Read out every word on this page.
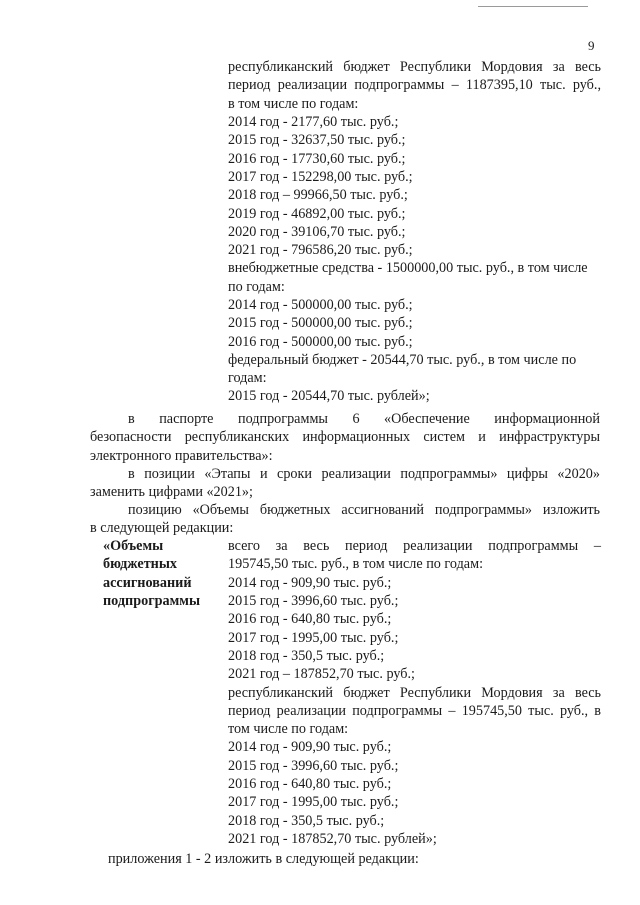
9
республиканский бюджет Республики Мордовия за весь
период реализации подпрограммы – 1187395,10 тыс. руб.,
в том числе по годам:
2014 год - 2177,60 тыс. руб.;
2015 год - 32637,50 тыс. руб.;
2016 год - 17730,60 тыс. руб.;
2017 год - 152298,00 тыс. руб.;
2018 год – 99966,50 тыс. руб.;
2019 год - 46892,00 тыс. руб.;
2020 год - 39106,70 тыс. руб.;
2021 год - 796586,20 тыс. руб.;
внебюджетные средства - 1500000,00 тыс. руб., в том числе
по годам:
2014 год - 500000,00 тыс. руб.;
2015 год - 500000,00 тыс. руб.;
2016 год - 500000,00 тыс. руб.;
федеральный бюджет - 20544,70 тыс. руб., в том числе по
годам:
2015 год - 20544,70 тыс. рублей»;
в паспорте подпрограммы 6 «Обеспечение информационной
безопасности республиканских информационных систем и инфраструктуры
электронного правительства»:
в позиции «Этапы и сроки реализации подпрограммы» цифры «2020»
заменить цифрами «2021»;
позицию «Объемы бюджетных ассигнований подпрограммы» изложить
в следующей редакции:
«Объемы
бюджетных
ассигнований
подпрограммы
всего за весь период реализации подпрограммы –
195745,50 тыс. руб., в том числе по годам:
2014 год - 909,90 тыс. руб.;
2015 год - 3996,60 тыс. руб.;
2016 год - 640,80 тыс. руб.;
2017 год - 1995,00 тыс. руб.;
2018 год - 350,5 тыс. руб.;
2021 год – 187852,70 тыс. руб.;
республиканский бюджет Республики Мордовия за весь
период реализации подпрограммы – 195745,50 тыс. руб., в
том числе по годам:
2014 год - 909,90 тыс. руб.;
2015 год - 3996,60 тыс. руб.;
2016 год - 640,80 тыс. руб.;
2017 год - 1995,00 тыс. руб.;
2018 год - 350,5 тыс. руб.;
2021 год - 187852,70 тыс. рублей»;
приложения 1 - 2 изложить в следующей редакции:
